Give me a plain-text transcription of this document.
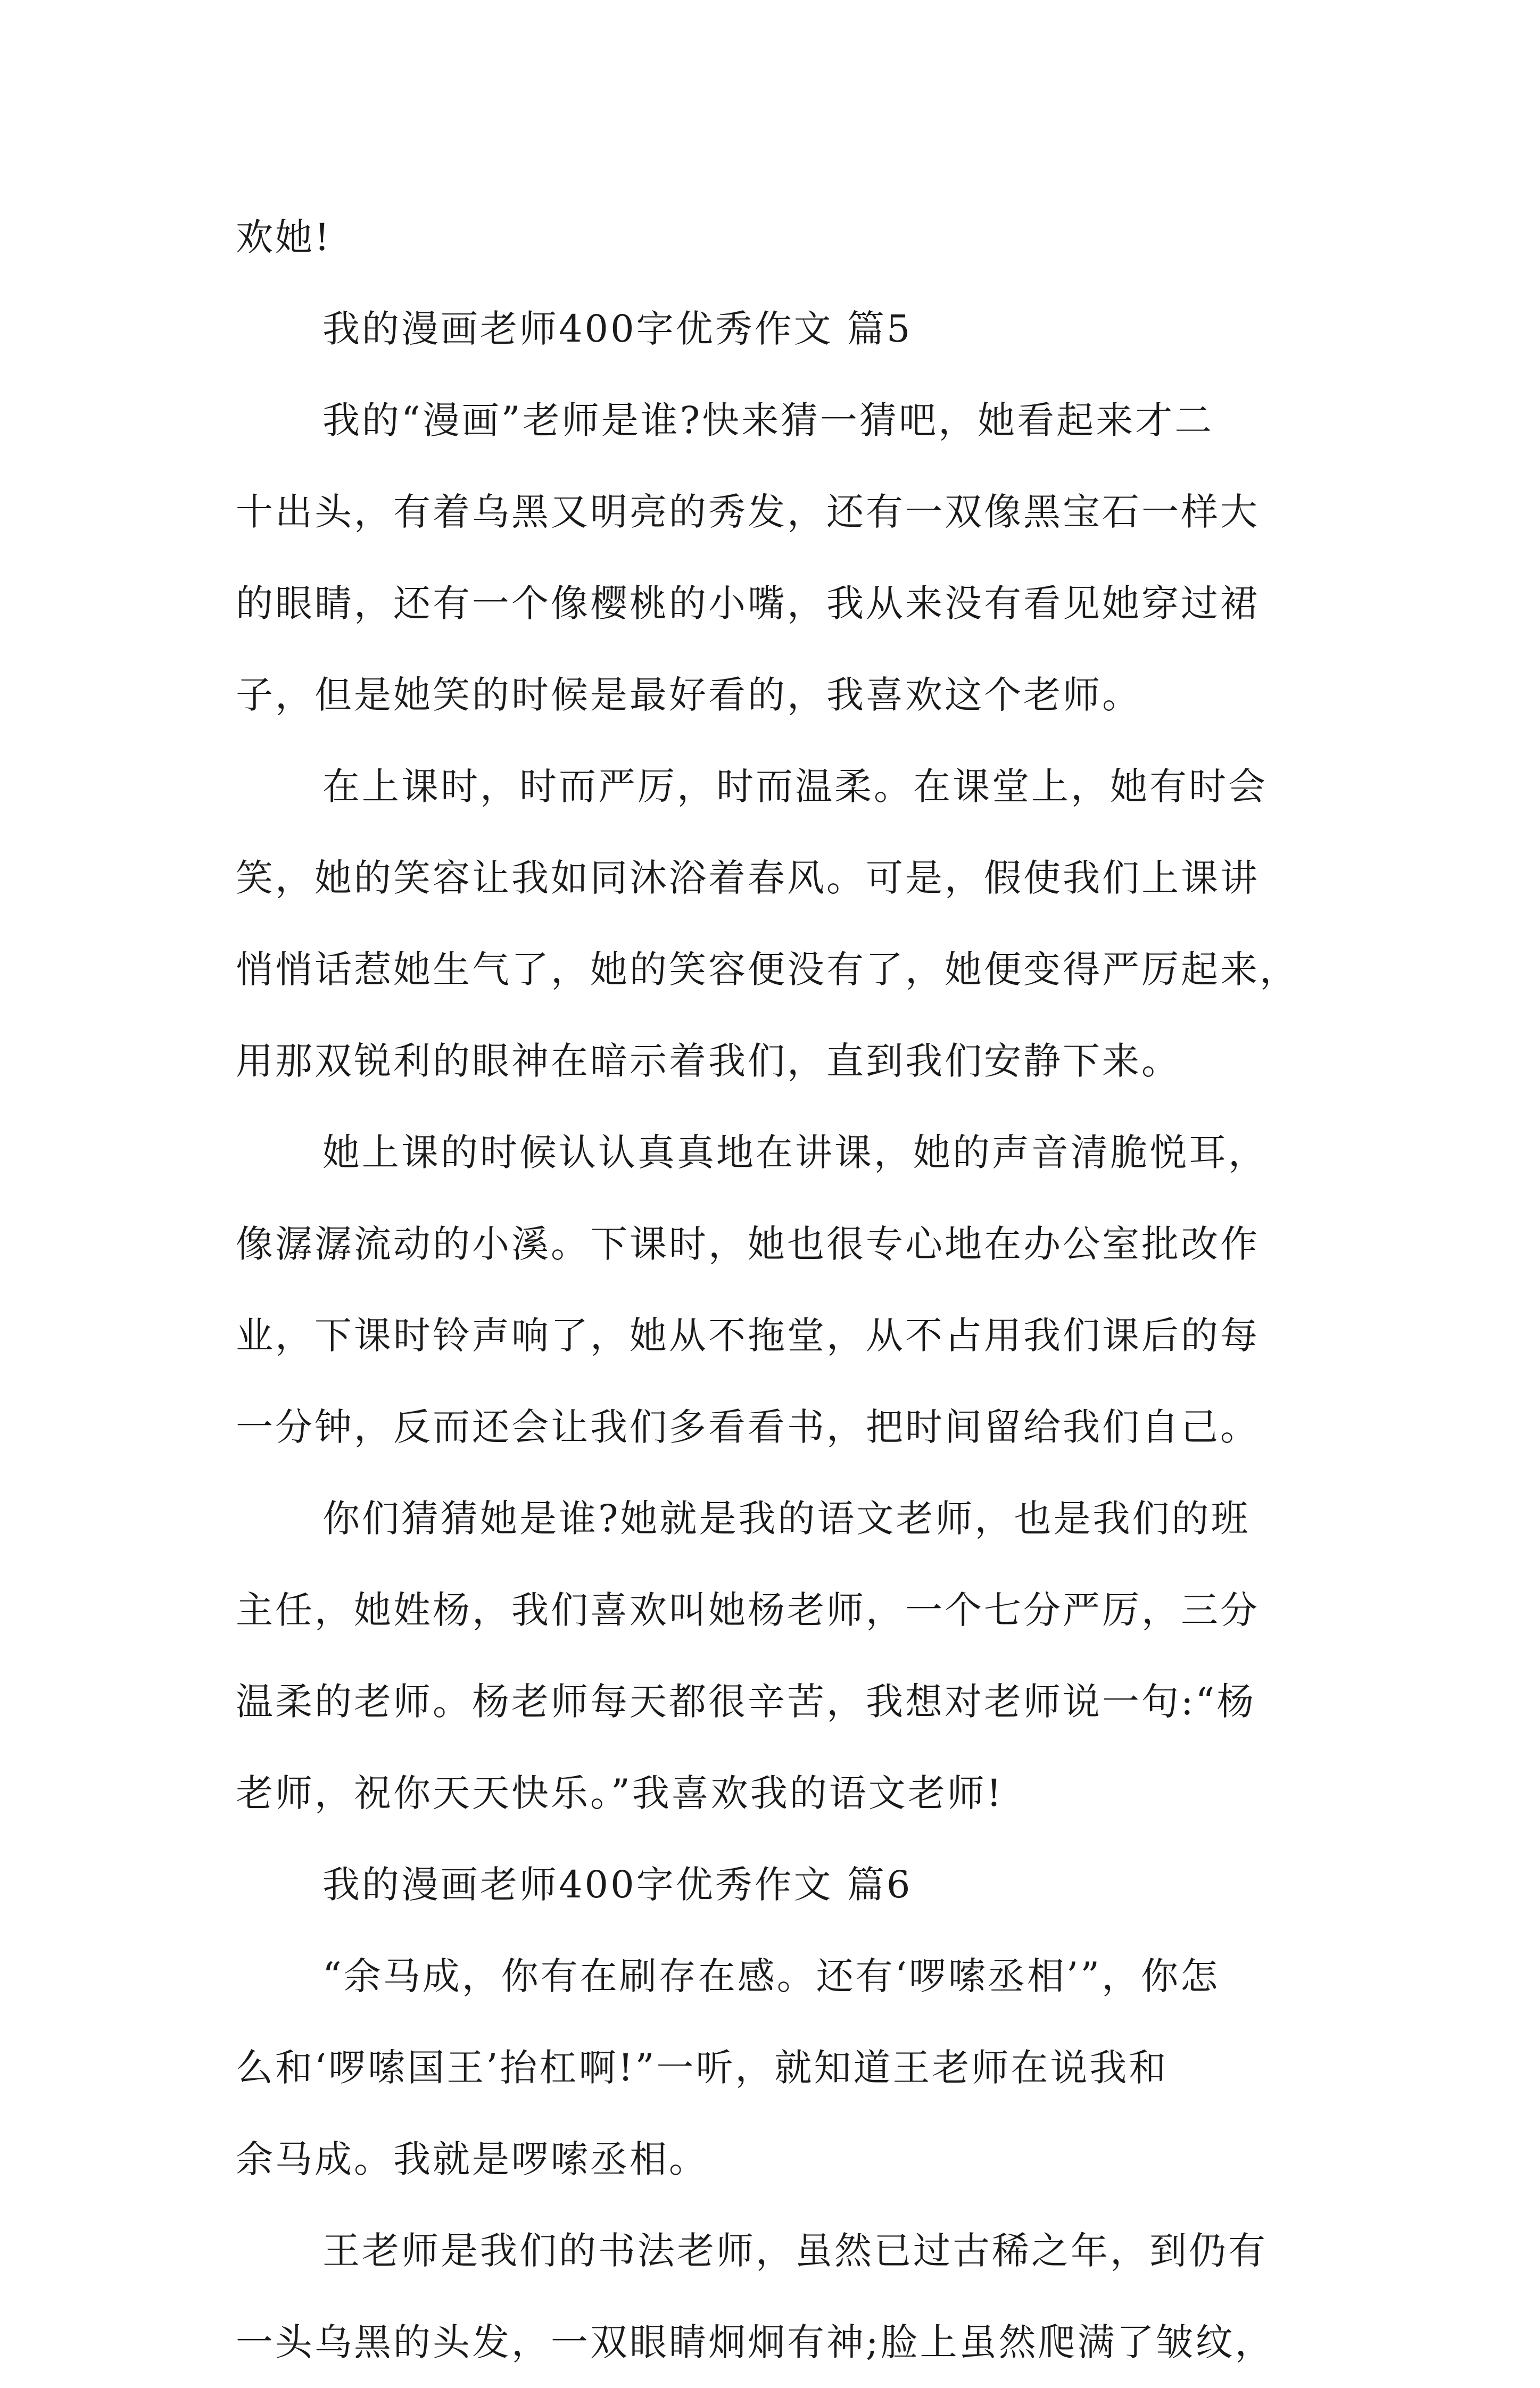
欢她!
我的漫画老师400字优秀作文 篇5
我的“漫画”老师是谁?快来猜一猜吧，她看起来才二
十出头，有着乌黑又明亮的秀发，还有一双像黑宝石一样大
的眼睛，还有一个像樱桃的小嘴，我从来没有看见她穿过裙
子，但是她笑的时候是最好看的，我喜欢这个老师。
在上课时，时而严厉，时而温柔。在课堂上，她有时会
笑，她的笑容让我如同沐浴着春风。可是，假使我们上课讲
悄悄话惹她生气了，她的笑容便没有了，她便变得严厉起来，
用那双锐利的眼神在暗示着我们，直到我们安静下来。
她上课的时候认认真真地在讲课，她的声音清脆悦耳，
像潺潺流动的小溪。下课时，她也很专心地在办公室批改作
业，下课时铃声响了，她从不拖堂，从不占用我们课后的每
一分钟，反而还会让我们多看看书，把时间留给我们自己。
你们猜猜她是谁?她就是我的语文老师，也是我们的班
主任，她姓杨，我们喜欢叫她杨老师，一个七分严厉，三分
温柔的老师。杨老师每天都很辛苦，我想对老师说一句:“杨
老师，祝你天天快乐。”我喜欢我的语文老师!
我的漫画老师400字优秀作文 篇6
“余马成，你有在刷存在感。还有‘啰嗦丞相’”，你怎
么和‘啰嗦国王’抬杠啊!”一听，就知道王老师在说我和
余马成。我就是啰嗦丞相。
王老师是我们的书法老师，虽然已过古稀之年，到仍有
一头乌黑的头发，一双眼睛炯炯有神;脸上虽然爬满了皱纹，
